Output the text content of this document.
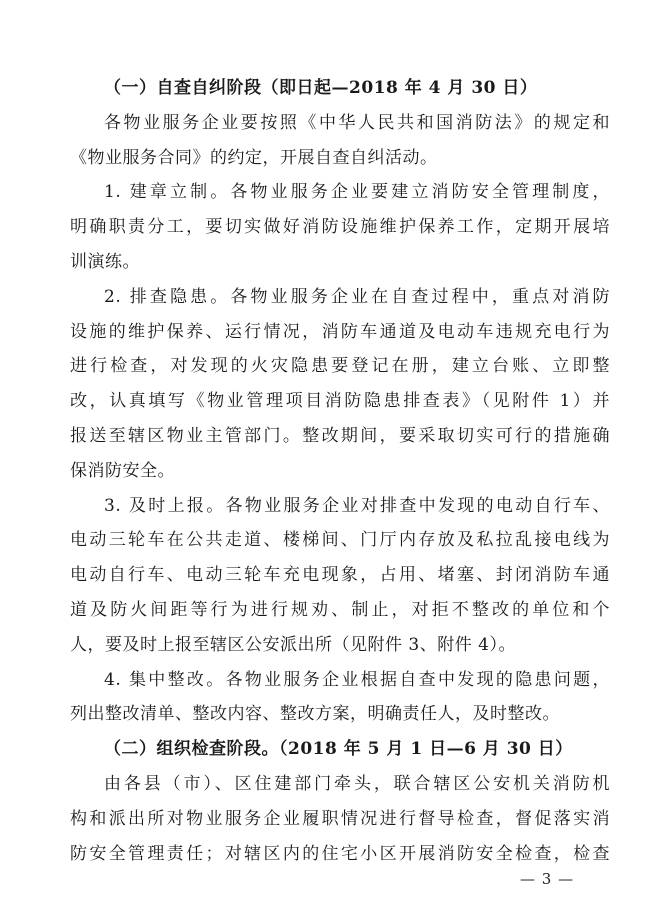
（一）自查自纠阶段（即日起—2018 年 4 月 30 日）
各物业服务企业要按照《中华人民共和国消防法》的规定和
《物业服务合同》的约定，开展自查自纠活动。
1. 建章立制。各物业服务企业要建立消防安全管理制度，
明确职责分工，要切实做好消防设施维护保养工作，定期开展培
训演练。
2. 排查隐患。各物业服务企业在自查过程中，重点对消防
设施的维护保养、运行情况，消防车通道及电动车违规充电行为
进行检查，对发现的火灾隐患要登记在册，建立台账、立即整
改，认真填写《物业管理项目消防隐患排查表》（见附件 1）并
报送至辖区物业主管部门。整改期间，要采取切实可行的措施确
保消防安全。
3. 及时上报。各物业服务企业对排查中发现的电动自行车、
电动三轮车在公共走道、楼梯间、门厅内存放及私拉乱接电线为
电动自行车、电动三轮车充电现象，占用、堵塞、封闭消防车通
道及防火间距等行为进行规劝、制止，对拒不整改的单位和个
人，要及时上报至辖区公安派出所（见附件 3、附件 4）。
4. 集中整改。各物业服务企业根据自查中发现的隐患问题，
列出整改清单、整改内容、整改方案，明确责任人，及时整改。
（二）组织检查阶段。（2018 年 5 月 1 日—6 月 30 日）
由各县（市）、区住建部门牵头，联合辖区公安机关消防机
构和派出所对物业服务企业履职情况进行督导检查，督促落实消
防安全管理责任；对辖区内的住宅小区开展消防安全检查，检查
— 3 —
